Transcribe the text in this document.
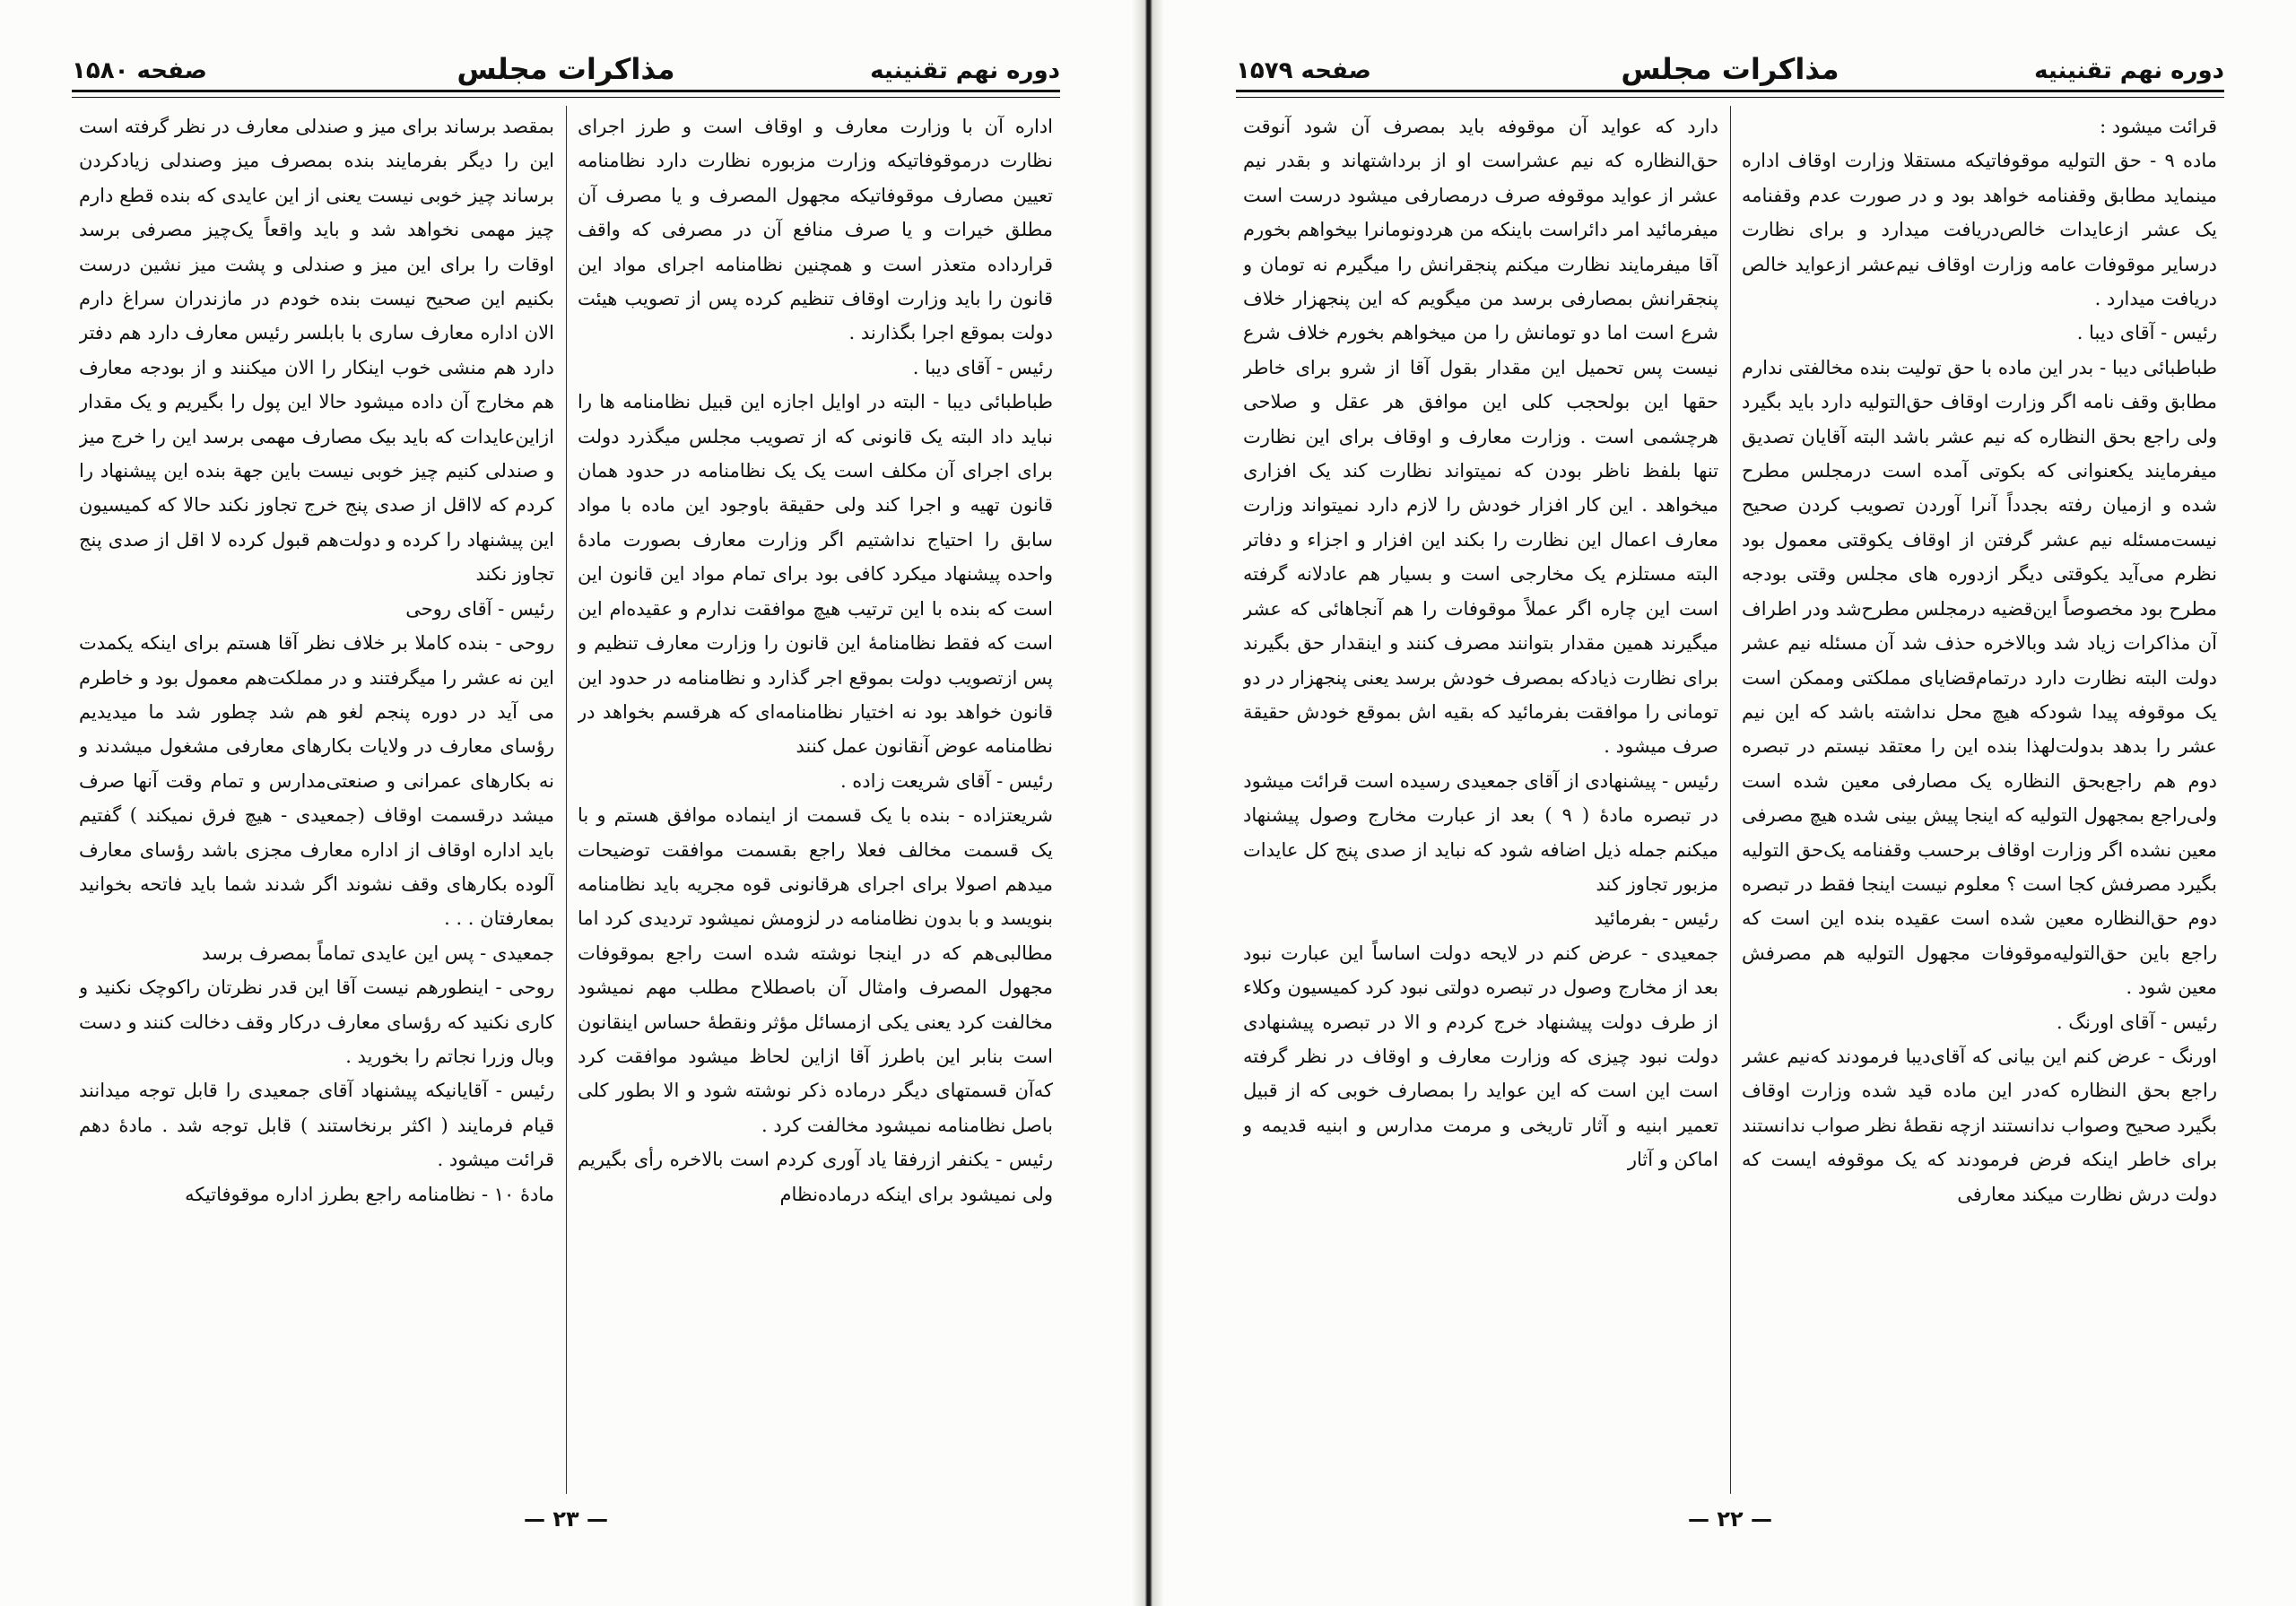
دوره نهم تقنينيه
مذاکرات مجلس
صفحه ۱۵۸۰

اداره آن با وزارت معارف و اوقاف است و طرز اجرای نظارت درموقوفاتیکه وزارت مزبوره نظارت دارد نظامنامه تعیین مصارف موقوفاتیکه مجهول المصرف و یا مصرف آن مطلق خیرات و یا صرف منافع آن در مصرفی که واقف قرارداده متعذر است و همچنین نظامنامه اجرای مواد این قانون را باید وزارت اوقاف تنظیم کرده پس از تصویب هیئت دولت بموقع اجرا بگذارند .

رئیس - آقای دیبا .

طباطبائی دیبا - البته در اوایل اجازه این قبیل نظامنامه ها را نباید داد البته یک قانونی که از تصویب مجلس میگذرد دولت برای اجرای آن مکلف است یک یک نظامنامه در حدود همان قانون تهیه و اجرا کند ولی حقیقة باوجود این ماده با مواد سابق را احتیاج نداشتیم اگر وزارت معارف بصورت مادهٔ واحده پیشنهاد میکرد کافی بود برای تمام مواد این قانون این است که بنده با این ترتیب هیچ موافقت ندارم و عقیده‌ام این است که فقط نظامنامهٔ این قانون را وزارت معارف تنظیم و پس ازتصویب دولت بموقع اجر گذارد و نظامنامه در حدود این قانون خواهد بود نه اختیار نظامنامه‌ای که هرقسم بخواهد در نظامنامه عوض آنقانون عمل کنند

رئیس - آقای شریعت زاده .

شریعتزاده - بنده با یک قسمت از اینماده موافق هستم و با یک قسمت مخالف فعلا راجع بقسمت موافقت توضیحات میدهم اصولا برای اجرای هرقانونی قوه مجریه باید نظامنامه بنویسد و با بدون نظامنامه در لزومش نمیشود تردیدی کرد اما مطالبی‌هم که در اینجا نوشته شده است راجع بموقوفات مجهول المصرف وامثال آن باصطلاح مطلب مهم نمیشود مخالفت کرد یعنی یکی ازمسائل مؤثر ونقطهٔ حساس اینقانون است بنابر این باطرز آقا ازاین لحاظ میشود موافقت کرد که‌آن قسمتهای دیگر درماده ذکر نوشته شود و الا بطور کلی باصل نظامنامه نمیشود مخالفت کرد .

رئیس - یکنفر ازرفقا یاد آوری کردم است بالاخره رأی بگیریم ولی نمیشود برای اینکه درماده‌نظام

بمقصد برساند برای میز و صندلی معارف در نظر گرفته است این را دیگر بفرمایند بنده بمصرف میز وصندلی زیادکردن برساند چیز خوبی نیست یعنی از این عایدی که بنده قطع دارم چیز مهمی نخواهد شد و باید واقعاً یک‌چیز مصرفی برسد اوقات را برای این میز و صندلی و پشت میز نشین درست بکنیم این صحیح نیست بنده خودم در مازندران سراغ دارم الان اداره معارف ساری با بابلسر رئیس معارف دارد هم دفتر دارد هم منشی خوب اینکار را الان میکنند و از بودجه معارف هم مخارج آن داده میشود حالا این پول را بگیریم و یک مقدار ازاین‌عایدات که باید بیک مصارف مهمی برسد این را خرج میز و صندلی کنیم چیز خوبی نیست باین جهة بنده این پیشنهاد را کردم که لااقل از صدی پنج خرج تجاوز نکند حالا که کمیسیون این پیشنهاد را کرده و دولت‌هم قبول کرده لا اقل از صدی پنج تجاوز نکند

رئیس - آقای روحی

روحی - بنده کاملا بر خلاف نظر آقا هستم برای اینکه یکمدت این نه عشر را میگرفتند و در مملکت‌هم معمول بود و خاطرم می آید در دوره پنجم لغو هم شد چطور شد ما میدیدیم رؤسای معارف در ولایات بکارهای معارفی مشغول میشدند و نه بکارهای عمرانی و صنعتی‌مدارس و تمام وقت آنها صرف میشد درقسمت اوقاف (جمعیدی - هیچ فرق نمیکند ) گفتیم باید اداره اوقاف از اداره معارف مجزی باشد رؤسای معارف آلوده بکارهای وقف نشوند اگر شدند شما باید فاتحه بخوانید بمعارفتان . . .

جمعیدی - پس این عایدی تماماً بمصرف برسد

روحی - اینطورهم نیست آقا این قدر نظرتان راکوچک نکنید و کاری نکنید که رؤسای معارف درکار وقف دخالت کنند و دست وبال وزرا نجاتم را بخورید .

رئیس - آقایانیکه پیشنهاد آقای جمعیدی را قابل توجه میدانند قیام فرمایند ( اکثر برنخاستند ) قابل توجه شد . مادهٔ دهم قرائت میشود .

مادهٔ ۱۰ - نظامنامه راجع بطرز اداره موقوفاتیکه

— ۲۳ —
دوره نهم تقنینیه
مذاکرات مجلس
صفحه ۱۵۷۹

قرائت میشود :

ماده ۹ - حق التولیه موقوفاتیکه مستقلا وزارت اوقاف اداره مینماید مطابق وقفنامه خواهد بود و در صورت عدم وقفنامه یک عشر ازعایدات خالص‌دریافت میدارد و برای نظارت درسایر موقوفات عامه وزارت اوقاف نیم‌عشر ازعواید خالص دریافت میدارد .

رئیس - آقای دیبا .

طباطبائی دیبا - بدر این ماده با حق تولیت بنده مخالفتی ندارم مطابق وقف نامه اگر وزارت اوقاف حق‌التولیه دارد باید بگیرد ولی راجع بحق النظاره که نیم عشر باشد البته آقایان تصدیق میفرمایند یکعنوانی که بکوتی آمده است درمجلس مطرح شده و ازمیان رفته بجدداً آنرا آوردن تصویب کردن صحیح نیست‌مسئله نیم عشر گرفتن از اوقاف یکوقتی معمول بود نظرم می‌آید یکوقتی دیگر ازدوره های مجلس وقتی بودجه مطرح بود مخصوصاً این‌قضیه درمجلس مطرح‌شد ودر اطراف آن مذاکرات زیاد شد وبالاخره حذف شد آن مسئله نیم عشر دولت البته نظارت دارد درتمام‌قضایای مملکتی وممکن است یک موقوفه پیدا شودکه هیچ محل نداشته باشد که این نیم عشر را بدهد بدولت‌لهذا بنده این را معتقد نیستم در تبصره دوم هم راجع‌بحق النظاره یک مصارفی معین شده است ولی‌راجع بمجهول التولیه که اینجا پیش بینی شده هیچ مصرفی معین نشده اگر وزارت اوقاف برحسب وقفنامه یک‌حق التولیه بگیرد مصرفش کجا است ؟ معلوم نیست اینجا فقط در تبصره دوم حق‌النظاره معین شده است عقیده بنده این است که راجع باین حق‌التولیه‌موقوفات مجهول التولیه هم مصرفش معین شود .

رئیس - آقای اورنگ .

اورنگ - عرض کنم این بیانی که آقای‌دیبا فرمودند که‌نیم عشر راجع بحق النظاره که‌در این ماده قید شده وزارت اوقاف بگیرد صحیح وصواب ندانستند ازچه نقطهٔ نظر صواب ندانستند برای خاطر اینکه فرض فرمودند که یک موقوفه ایست که دولت درش نظارت میکند معارفی

دارد که عواید آن موقوفه باید بمصرف آن شود آنوقت حق‌النظاره که نیم عشراست او از برداشتهاند و بقدر نیم عشر از عواید موقوفه صرف درمصارفی میشود درست است میفرمائید امر دائراست باینکه من هردونومانرا بیخواهم بخورم آقا میفرمایند نظارت میکنم پنجقرانش را میگیرم نه تومان و پنجقرانش بمصارفی برسد من میگویم که این پنجهزار خلاف شرع است اما دو تومانش را من میخواهم بخورم خلاف شرع نیست پس تحمیل این مقدار بقول آقا از شرو برای خاطر حقها این بولحجب کلی این موافق هر عقل و صلاحی هرچشمی است . وزارت معارف و اوقاف برای این نظارت تنها بلفظ ناظر بودن که نمیتواند نظارت کند یک افزاری میخواهد . این کار افزار خودش را لازم دارد نمیتواند وزارت معارف اعمال این نظارت را بکند این افزار و اجزاء و دفاتر البته مستلزم یک مخارجی است و بسیار هم عادلانه گرفته است این چاره اگر عملاً موقوفات را هم آنجاهائی که عشر میگیرند همین مقدار بتوانند مصرف کنند و اینقدار حق بگیرند برای نظارت ذیادکه بمصرف خودش برسد یعنی پنجهزار در دو تومانی را موافقت بفرمائید که بقیه اش بموقع خودش حقیقة صرف میشود .

رئیس - پیشنهادی از آقای جمعیدی رسیده است قرائت میشود

در تبصره مادهٔ ( ۹ ) بعد از عبارت مخارج وصول پیشنهاد میکنم جمله ذیل اضافه شود که نباید از صدی پنج کل عایدات مزبور تجاوز کند

رئیس - بفرمائید

جمعیدی - عرض کنم در لایحه دولت اساساً این عبارت نبود بعد از مخارج وصول در تبصره دولتی نبود کرد کمیسیون وکلاء از طرف دولت پیشنهاد خرج کردم و الا در تبصره پیشنهادی دولت نبود چیزی که وزارت معارف و اوقاف در نظر گرفته است این است که این عواید را بمصارف خوبی که از قبیل تعمیر ابنیه و آثار تاریخی و مرمت مدارس و ابنیه قدیمه و اماکن و آثار

— ۲۲ —
